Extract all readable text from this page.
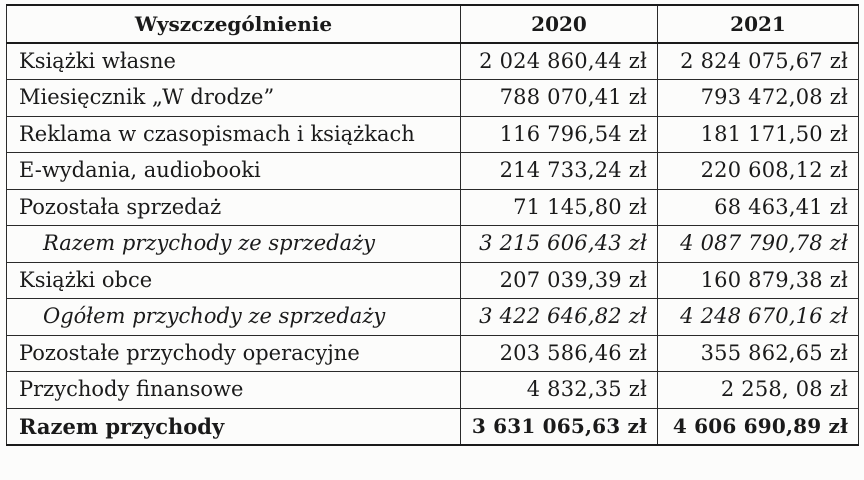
Wyszczególnienie	2020	2021
Książki własne	2 024 860,44 zł	2 824 075,67 zł
Miesięcznik „W drodze”	788 070,41 zł	793 472,08 zł
Reklama w czasopismach i książkach	116 796,54 zł	181 171,50 zł
E-wydania, audiobooki	214 733,24 zł	220 608,12 zł
Pozostała sprzedaż	71 145,80 zł	68 463,41 zł
Razem przychody ze sprzedaży	3 215 606,43 zł	4 087 790,78 zł
Książki obce	207 039,39 zł	160 879,38 zł
Ogółem przychody ze sprzedaży	3 422 646,82 zł	4 248 670,16 zł
Pozostałe przychody operacyjne	203 586,46 zł	355 862,65 zł
Przychody finansowe	4 832,35 zł	2 258, 08 zł
Razem przychody	3 631 065,63 zł	4 606 690,89 zł
